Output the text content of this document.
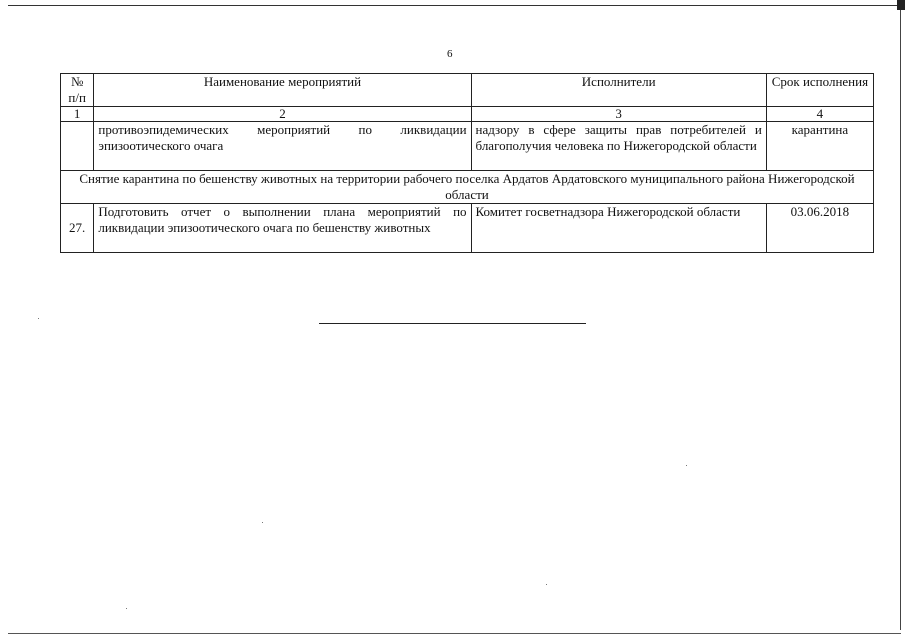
6
№ п/п	Наименование мероприятий	Исполнители	Срок исполнения
1	2	3	4
	противоэпидемических мероприятий по ликвидации эпизоотического очага	надзору в сфере защиты прав потребителей и благополучия человека по Нижегородской области	карантина
Снятие карантина по бешенству животных на территории рабочего поселка Ардатов Ардатовского муниципального района Нижегородской области			
27.	Подготовить отчет о выполнении плана мероприятий по ликвидации эпизоотического очага по бешенству животных	Комитет госветнадзора Нижегородской области	03.06.2018
